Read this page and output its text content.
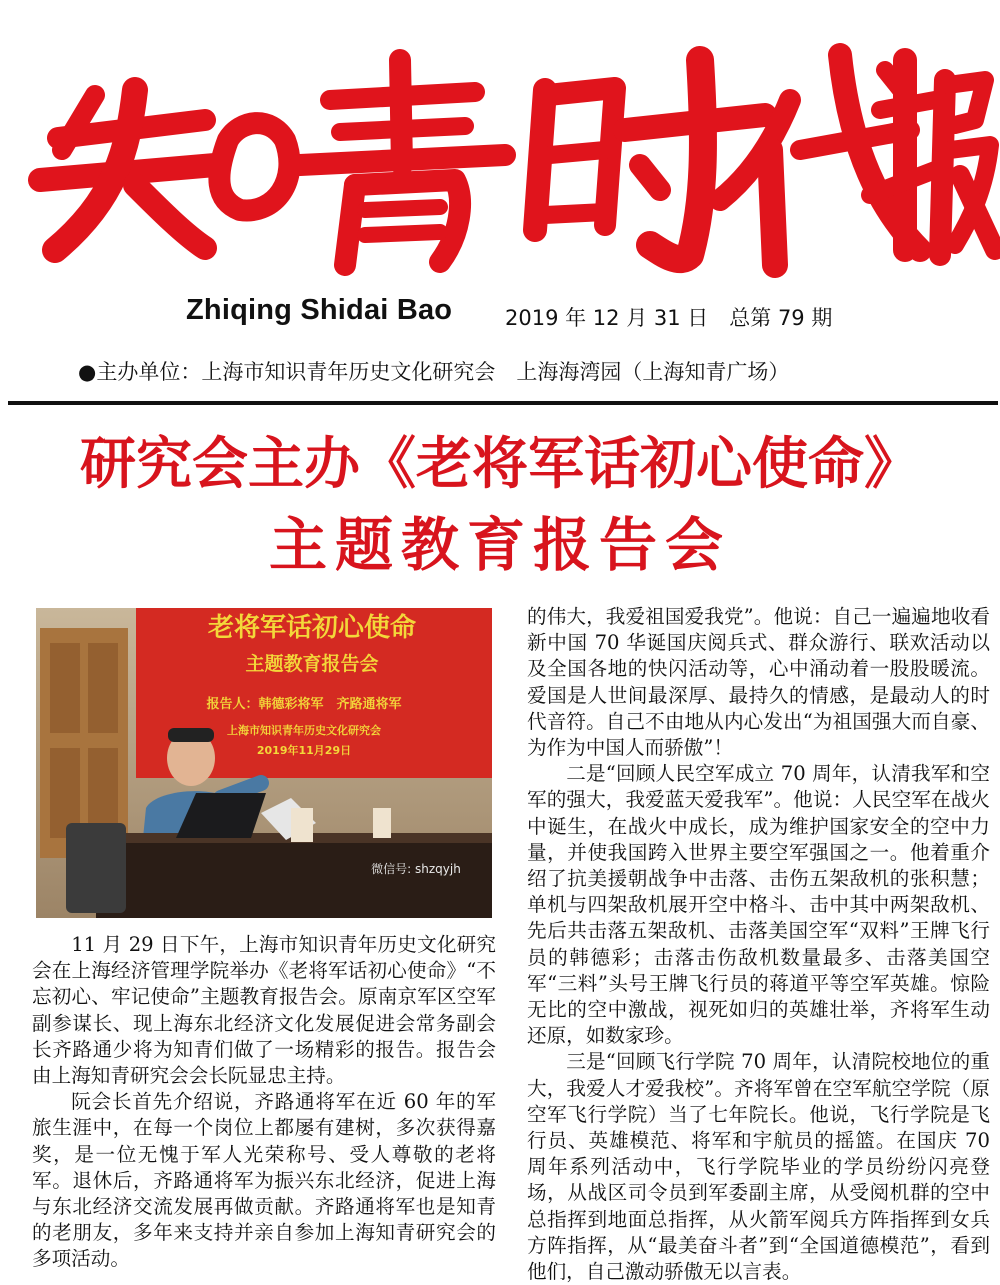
Zhiqing Shidai Bao	2019 年 12 月 31 日　总第 79 期
●主办单位：上海市知识青年历史文化研究会　上海海湾园（上海知青广场）
研究会主办《老将军话初心使命》
主题教育报告会
老将军话初心使命
主题教育报告会
报告人：韩德彩将军　齐路通将军
上海市知识青年历史文化研究会
2019年11月29日
微信号: shzqyjh

11 月 29 日下午，上海市知识青年历史文化研究会在上海经济管理学院举办《老将军话初心使命》“不忘初心、牢记使命”主题教育报告会。原南京军区空军副参谋长、现上海东北经济文化发展促进会常务副会长齐路通少将为知青们做了一场精彩的报告。报告会由上海知青研究会会长阮显忠主持。

阮会长首先介绍说，齐路通将军在近 60 年的军旅生涯中，在每一个岗位上都屡有建树，多次获得嘉奖，是一位无愧于军人光荣称号、受人尊敬的老将军。退休后，齐路通将军为振兴东北经济，促进上海与东北经济交流发展再做贡献。齐路通将军也是知青的老朋友，多年来支持并亲自参加上海知青研究会的多项活动。

的伟大，我爱祖国爱我党”。他说：自己一遍遍地收看新中国 70 华诞国庆阅兵式、群众游行、联欢活动以及全国各地的快闪活动等，心中涌动着一股股暖流。爱国是人世间最深厚、最持久的情感，是最动人的时代音符。自己不由地从内心发出“为祖国强大而自豪、为作为中国人而骄傲”！

二是“回顾人民空军成立 70 周年，认清我军和空军的强大，我爱蓝天爱我军”。他说：人民空军在战火中诞生，在战火中成长，成为维护国家安全的空中力量，并使我国跨入世界主要空军强国之一。他着重介绍了抗美援朝战争中击落、击伤五架敌机的张积慧；单机与四架敌机展开空中格斗、击中其中两架敌机、先后共击落五架敌机、击落美国空军“双料”王牌飞行员的韩德彩；击落击伤敌机数量最多、击落美国空军“三料”头号王牌飞行员的蒋道平等空军英雄。惊险无比的空中激战，视死如归的英雄壮举，齐将军生动还原，如数家珍。

三是“回顾飞行学院 70 周年，认清院校地位的重大，我爱人才爱我校”。齐将军曾在空军航空学院（原空军飞行学院）当了七年院长。他说，飞行学院是飞行员、英雄模范、将军和宇航员的摇篮。在国庆 70 周年系列活动中，飞行学院毕业的学员纷纷闪亮登场，从战区司令员到军委副主席，从受阅机群的空中总指挥到地面总指挥，从火箭军阅兵方阵指挥到女兵方阵指挥，从“最美奋斗者”到“全国道德模范”，看到他们，自己激动骄傲无以言表。
